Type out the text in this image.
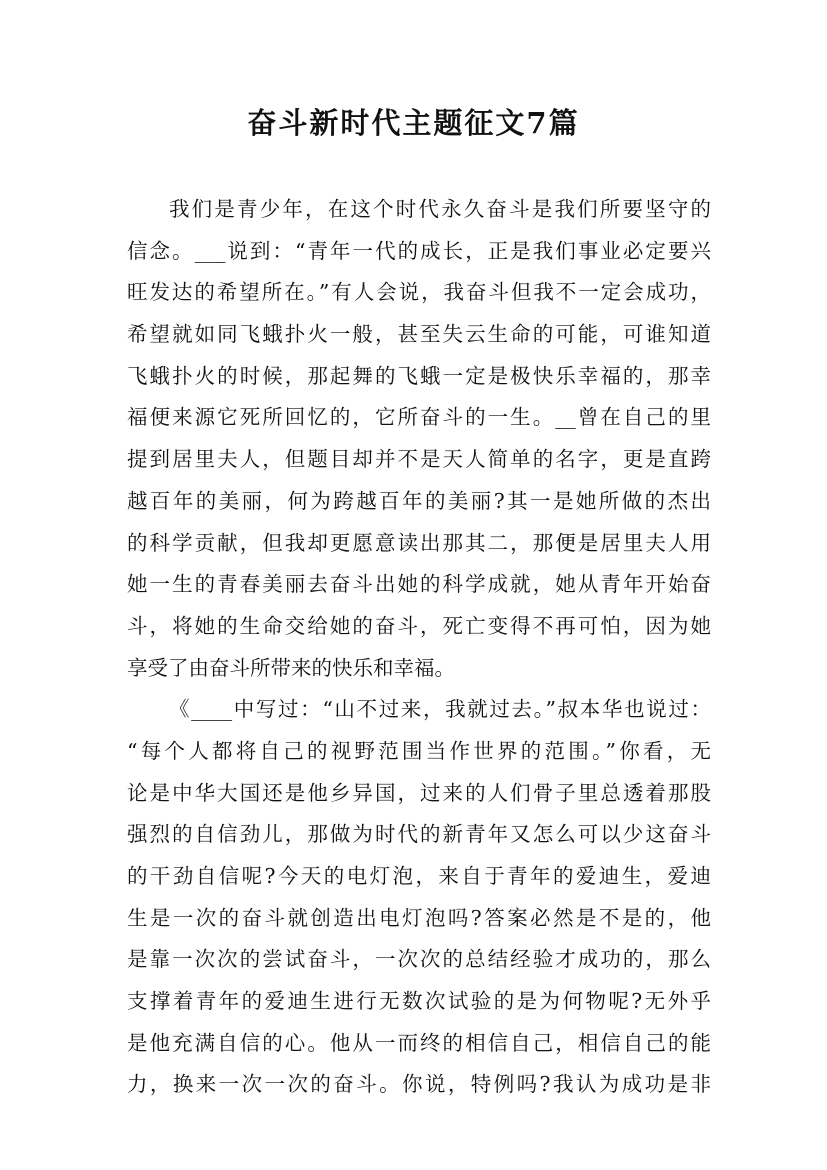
奋斗新时代主题征文7篇
我们是青少年，在这个时代永久奋斗是我们所要坚守的
信念。___说到：“青年一代的成长，正是我们事业必定要兴
旺发达的希望所在。”有人会说，我奋斗但我不一定会成功，
希望就如同飞蛾扑火一般，甚至失云生命的可能，可谁知道
飞蛾扑火的时候，那起舞的飞蛾一定是极快乐幸福的，那幸
福便来源它死所回忆的，它所奋斗的一生。__曾在自己的里
提到居里夫人，但题目却并不是天人简单的名字，更是直跨
越百年的美丽，何为跨越百年的美丽?其一是她所做的杰出
的科学贡献，但我却更愿意读出那其二，那便是居里夫人用
她一生的青春美丽去奋斗出她的科学成就，她从青年开始奋
斗，将她的生命交给她的奋斗，死亡变得不再可怕，因为她
享受了由奋斗所带来的快乐和幸福。
《____中写过：“山不过来，我就过去。”叔本华也说过：
“每个人都将自己的视野范围当作世界的范围。”你看，无
论是中华大国还是他乡异国，过来的人们骨子里总透着那股
强烈的自信劲儿，那做为时代的新青年又怎么可以少这奋斗
的干劲自信呢?今天的电灯泡，来自于青年的爱迪生，爱迪
生是一次的奋斗就创造出电灯泡吗?答案必然是不是的，他
是靠一次次的尝试奋斗，一次次的总结经验才成功的，那么
支撑着青年的爱迪生进行无数次试验的是为何物呢?无外乎
是他充满自信的心。他从一而终的相信自己，相信自己的能
力，换来一次一次的奋斗。你说，特例吗?我认为成功是非
